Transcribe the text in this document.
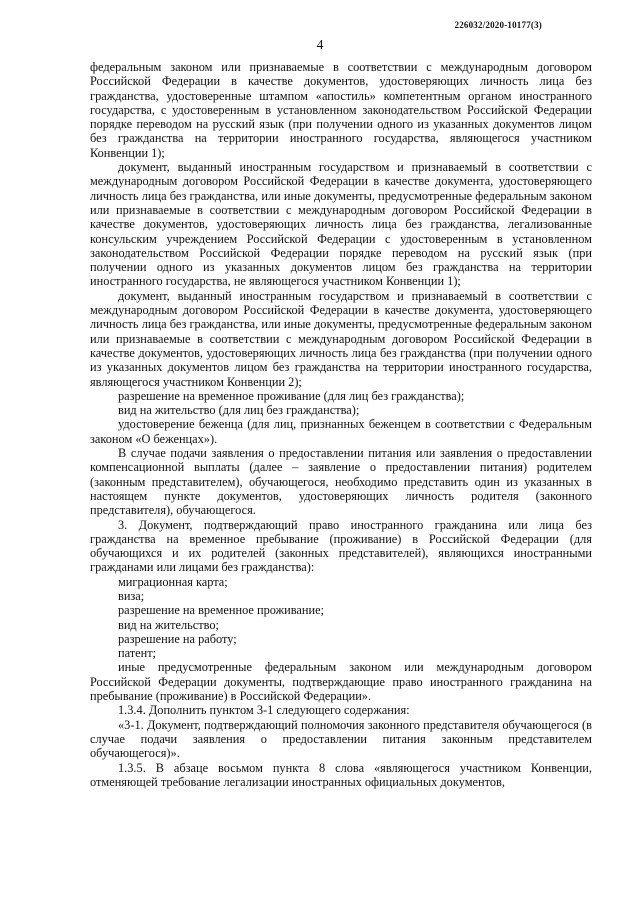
226032/2020-10177(3)
4

федеральным законом или признаваемые в соответствии с международным договором Российской Федерации в качестве документов, удостоверяющих личность лица без гражданства, удостоверенные штампом «апостиль» компетентным органом иностранного государства, с удостоверенным в установленном законодательством Российской Федерации порядке переводом на русский язык (при получении одного из указанных документов лицом без гражданства на территории иностранного государства, являющегося участником Конвенции 1);

документ, выданный иностранным государством и признаваемый в соответствии с международным договором Российской Федерации в качестве документа, удостоверяющего личность лица без гражданства, или иные документы, предусмотренные федеральным законом или признаваемые в соответствии с международным договором Российской Федерации в качестве документов, удостоверяющих личность лица без гражданства, легализованные консульским учреждением Российской Федерации с удостоверенным в установленном законодательством Российской Федерации порядке переводом на русский язык (при получении одного из указанных документов лицом без гражданства на территории иностранного государства, не являющегося участником Конвенции 1);

документ, выданный иностранным государством и признаваемый в соответствии с международным договором Российской Федерации в качестве документа, удостоверяющего личность лица без гражданства, или иные документы, предусмотренные федеральным законом или признаваемые в соответствии с международным договором Российской Федерации в качестве документов, удостоверяющих личность лица без гражданства (при получении одного из указанных документов лицом без гражданства на территории иностранного государства, являющегося участником Конвенции 2);

разрешение на временное проживание (для лиц без гражданства);

вид на жительство (для лиц без гражданства);

удостоверение беженца (для лиц, признанных беженцем в соответствии с Федеральным законом «О беженцах»).

В случае подачи заявления о предоставлении питания или заявления о предоставлении компенсационной выплаты (далее – заявление о предоставлении питания) родителем (законным представителем), обучающегося, необходимо представить один из указанных в настоящем пункте документов, удостоверяющих личность родителя (законного представителя), обучающегося.

3. Документ, подтверждающий право иностранного гражданина или лица без гражданства на временное пребывание (проживание) в Российской Федерации (для обучающихся и их родителей (законных представителей), являющихся иностранными гражданами или лицами без гражданства):

миграционная карта;

виза;

разрешение на временное проживание;

вид на жительство;

разрешение на работу;

патент;

иные предусмотренные федеральным законом или международным договором Российской Федерации документы, подтверждающие право иностранного гражданина на пребывание (проживание) в Российской Федерации».

1.3.4. Дополнить пунктом 3-1 следующего содержания:

«3-1. Документ, подтверждающий полномочия законного представителя обучающегося (в случае подачи заявления о предоставлении питания законным представителем обучающегося)».

1.3.5. В абзаце восьмом пункта 8 слова «являющегося участником Конвенции, отменяющей требование легализации иностранных официальных документов,
